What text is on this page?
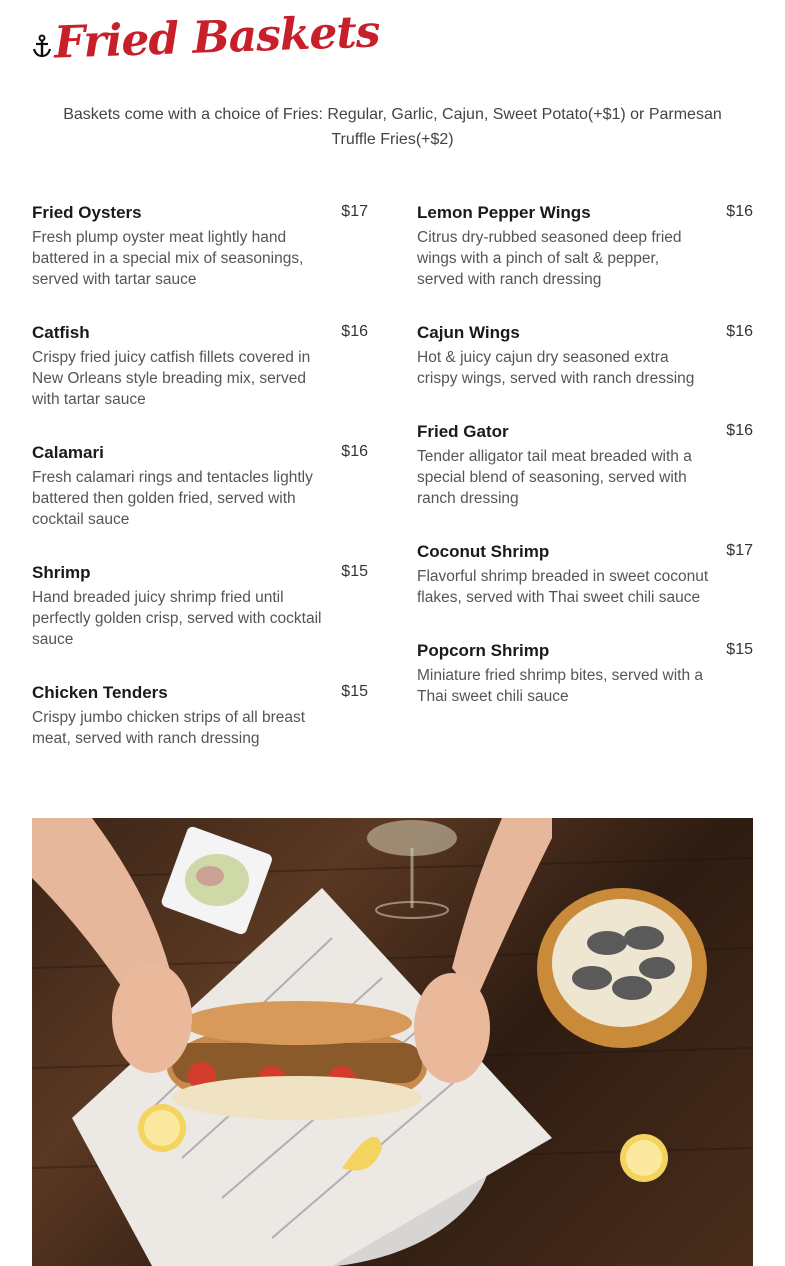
Fried Baskets
Baskets come with a choice of Fries: Regular, Garlic, Cajun, Sweet Potato(+$1) or Parmesan Truffle Fries(+$2)
Fried Oysters	$17
Fresh plump oyster meat lightly hand battered in a special mix of seasonings, served with tartar sauce
Catfish	$16
Crispy fried juicy catfish fillets covered in New Orleans style breading mix, served with tartar sauce
Calamari	$16
Fresh calamari rings and tentacles lightly battered then golden fried, served with cocktail sauce
Shrimp	$15
Hand breaded juicy shrimp fried until perfectly golden crisp, served with cocktail sauce
Chicken Tenders	$15
Crispy jumbo chicken strips of all breast meat, served with ranch dressing
Lemon Pepper Wings	$16
Citrus dry-rubbed seasoned deep fried wings with a pinch of salt & pepper, served with ranch dressing
Cajun Wings	$16
Hot & juicy cajun dry seasoned extra crispy wings, served with ranch dressing
Fried Gator	$16
Tender alligator tail meat breaded with a special blend of seasoning, served with ranch dressing
Coconut Shrimp	$17
Flavorful shrimp breaded in sweet coconut flakes, served with Thai sweet chili sauce
Popcorn Shrimp	$15
Miniature fried shrimp bites, served with a Thai sweet chili sauce
